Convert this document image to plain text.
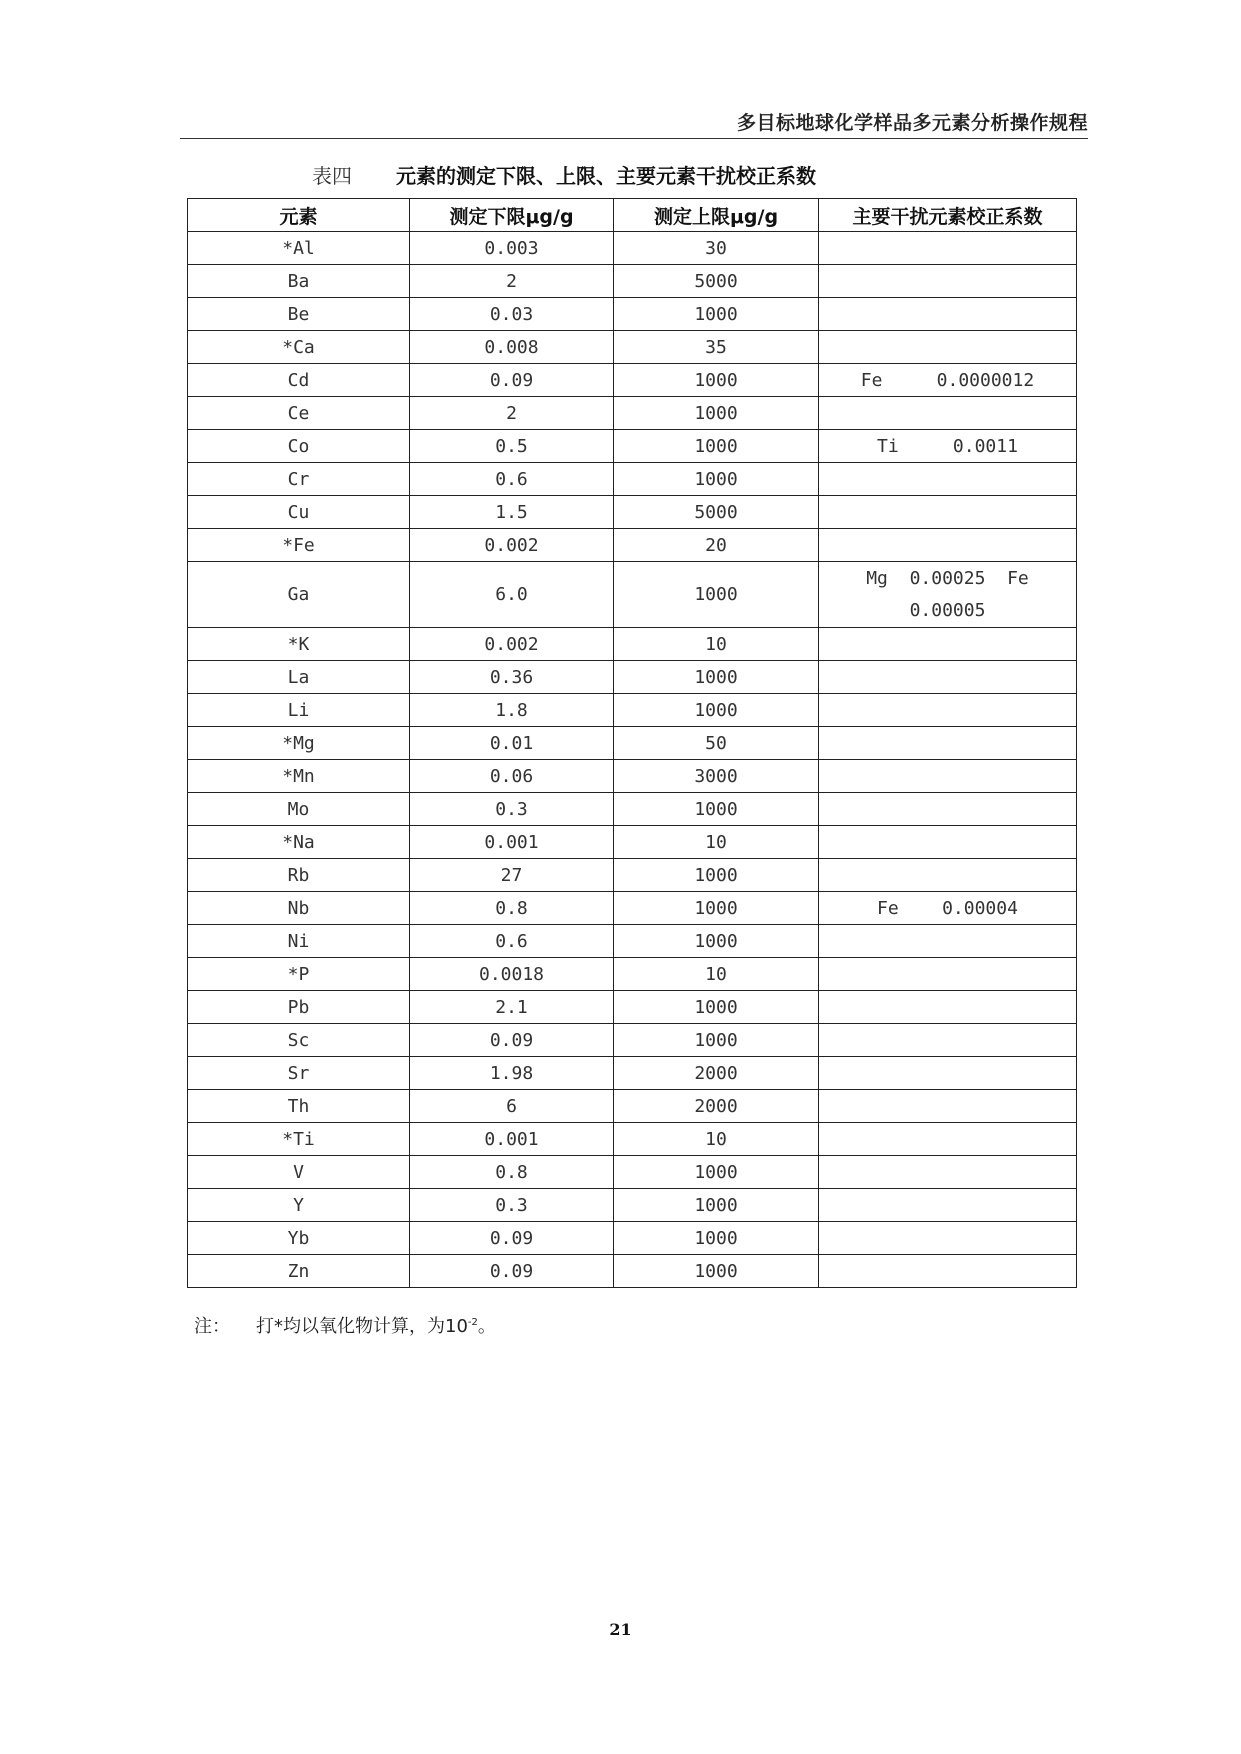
多目标地球化学样品多元素分析操作规程
表四 元素的测定下限、上限、主要元素干扰校正系数
元素	测定下限μg/g	测定上限μg/g	主要干扰元素校正系数
*Al	0.003	30	
Ba	2	5000	
Be	0.03	1000	
*Ca	0.008	35	
Cd	0.09	1000	Fe     0.0000012
Ce	2	1000	
Co	0.5	1000	Ti     0.0011
Cr	0.6	1000	
Cu	1.5	5000	
*Fe	0.002	20	
Ga	6.0	1000	Mg  0.00025  Fe
0.00005

*K	0.002	10	
La	0.36	1000	
Li	1.8	1000	
*Mg	0.01	50	
*Mn	0.06	3000	
Mo	0.3	1000	
*Na	0.001	10	
Rb	27	1000	
Nb	0.8	1000	Fe    0.00004
Ni	0.6	1000	
*P	0.0018	10	
Pb	2.1	1000	
Sc	0.09	1000	
Sr	1.98	2000	
Th	6	2000	
*Ti	0.001	10	
V	0.8	1000	
Y	0.3	1000	
Yb	0.09	1000	
Zn	0.09	1000	
注： 打*均以氧化物计算，为$10^{-2}$。
21
